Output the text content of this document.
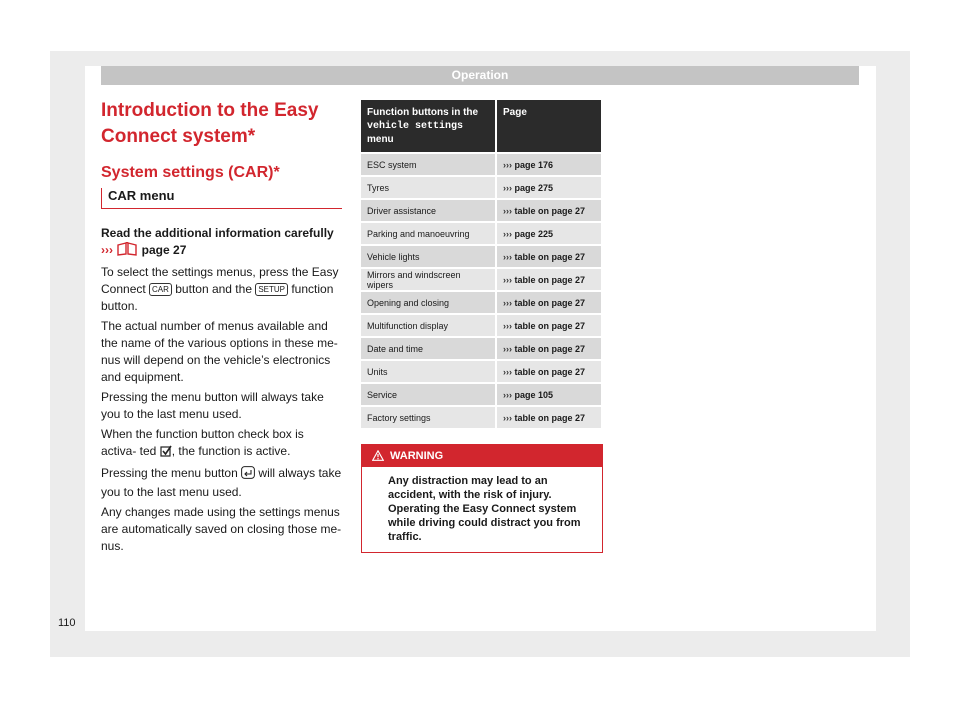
Operation
Introduction to the Easy Connect system*
System settings (CAR)*
CAR menu

Read the additional information carefully
›››  page 27

To select the settings menus, press the Easy Connect CAR button and the SETUP function button.

The actual number of menus available and the name of the various options in these me- nus will depend on the vehicle’s electronics and equipment.

Pressing the menu button will always take you to the last menu used.

When the function button check box is activa- ted , the function is active.

Pressing the menu button  will always take you to the last menu used.

Any changes made using the settings menus are automatically saved on closing those me- nus.

Function buttons in the vehicle settings menu	Page
ESC system	››› page 176
Tyres	››› page 275
Driver assistance	››› table on page 27
Parking and manoeuvring	››› page 225
Vehicle lights	››› table on page 27
Mirrors and windscreen wipers	››› table on page 27
Opening and closing	››› table on page 27
Multifunction display	››› table on page 27
Date and time	››› table on page 27
Units	››› table on page 27
Service	››› page 105
Factory settings	››› table on page 27
WARNING
Any distraction may lead to an accident, with the risk of injury. Operating the Easy Connect system while driving could distract you from traffic.
110
